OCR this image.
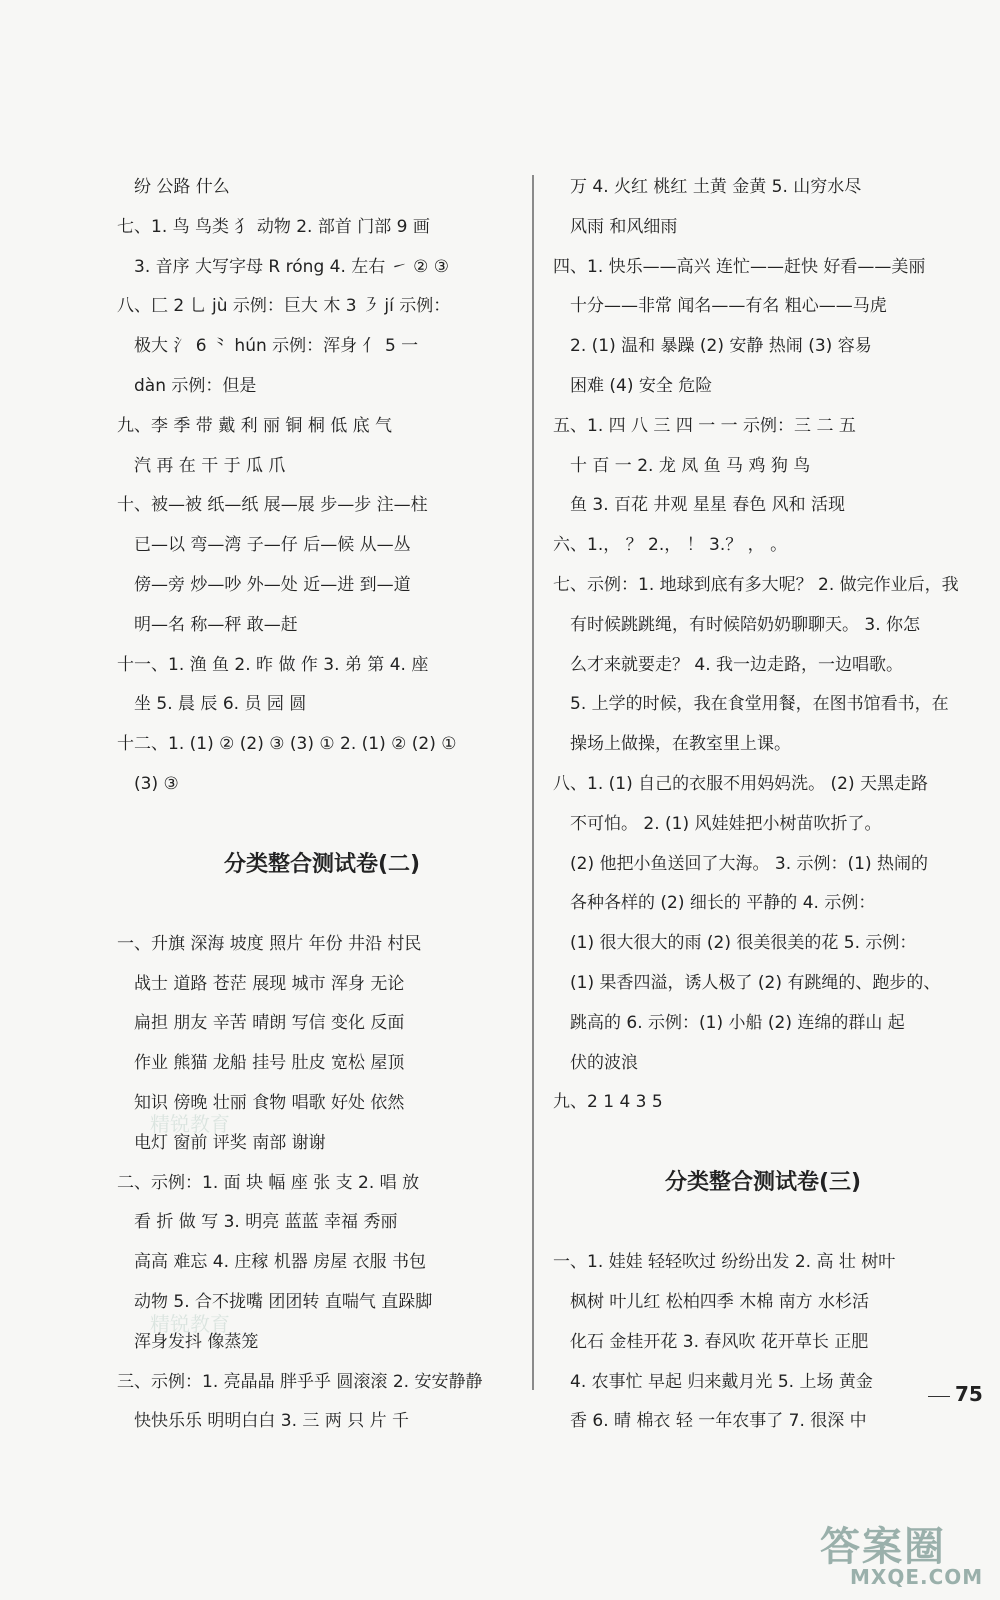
纷 公路 什么
七、1. 鸟 鸟类 犭 动物 2. 部首 门部 9 画
3. 音序 大写字母 R róng 4. 左右 ㇀ ② ③
八、匚 2 乚 jù 示例：巨大 木 3 ㇋ jí 示例：
极大 氵 6 ⺀ hún 示例：浑身 亻 5 一
dàn 示例：但是
九、李 季 带 戴 利 丽 铜 桐 低 底 气
汽 再 在 干 于 瓜 爪
十、被—被 纸—纸 展—展 步—步 注—柱
已—以 弯—湾 子—仔 后—候 从—丛
傍—旁 炒—吵 外—处 近—进 到—道
明—名 称—秤 敢—赶
十一、1. 渔 鱼 2. 昨 做 作 3. 弟 第 4. 座
坐 5. 晨 辰 6. 员 园 圆
十二、1. (1) ② (2) ③ (3) ① 2. (1) ② (2) ①
(3) ③
分类整合测试卷(二)
一、升旗 深海 坡度 照片 年份 井沿 村民
战士 道路 苍茫 展现 城市 浑身 无论
扁担 朋友 辛苦 晴朗 写信 变化 反面
作业 熊猫 龙船 挂号 肚皮 宽松 屋顶
知识 傍晚 壮丽 食物 唱歌 好处 依然
电灯 窗前 评奖 南部 谢谢
二、示例：1. 面 块 幅 座 张 支 2. 唱 放
看 折 做 写 3. 明亮 蓝蓝 幸福 秀丽
高高 难忘 4. 庄稼 机器 房屋 衣服 书包
动物 5. 合不拢嘴 团团转 直喘气 直跺脚
浑身发抖 像蒸笼
三、示例：1. 亮晶晶 胖乎乎 圆滚滚 2. 安安静静
快快乐乐 明明白白 3. 三 两 只 片 千
万 4. 火红 桃红 土黄 金黄 5. 山穷水尽
风雨 和风细雨
四、1. 快乐——高兴 连忙——赶快 好看——美丽
十分——非常 闻名——有名 粗心——马虎
2. (1) 温和 暴躁 (2) 安静 热闹 (3) 容易
困难 (4) 安全 危险
五、1. 四 八 三 四 一 一 示例：三 二 五
十 百 一 2. 龙 凤 鱼 马 鸡 狗 鸟
鱼 3. 百花 井观 星星 春色 风和 活现
六、1.， ？ 2.， ！ 3.？ ， 。
七、示例：1. 地球到底有多大呢？ 2. 做完作业后，我
有时候跳跳绳，有时候陪奶奶聊聊天。 3. 你怎
么才来就要走？ 4. 我一边走路，一边唱歌。
5. 上学的时候，我在食堂用餐，在图书馆看书，在
操场上做操，在教室里上课。
八、1. (1) 自己的衣服不用妈妈洗。 (2) 天黑走路
不可怕。 2. (1) 风娃娃把小树苗吹折了。
(2) 他把小鱼送回了大海。 3. 示例：(1) 热闹的
各种各样的 (2) 细长的 平静的 4. 示例：
(1) 很大很大的雨 (2) 很美很美的花 5. 示例：
(1) 果香四溢，诱人极了 (2) 有跳绳的、跑步的、
跳高的 6. 示例：(1) 小船 (2) 连绵的群山 起
伏的波浪
九、2 1 4 3 5
分类整合测试卷(三)
一、1. 娃娃 轻轻吹过 纷纷出发 2. 高 壮 树叶
枫树 叶儿红 松柏四季 木棉 南方 水杉活
化石 金桂开花 3. 春风吹 花开草长 正肥
4. 农事忙 早起 归来戴月光 5. 上场 黄金
香 6. 晴 棉衣 轻 一年农事了 7. 很深 中
75
精锐教育
精锐教育
答案圈
MXQE.COM
